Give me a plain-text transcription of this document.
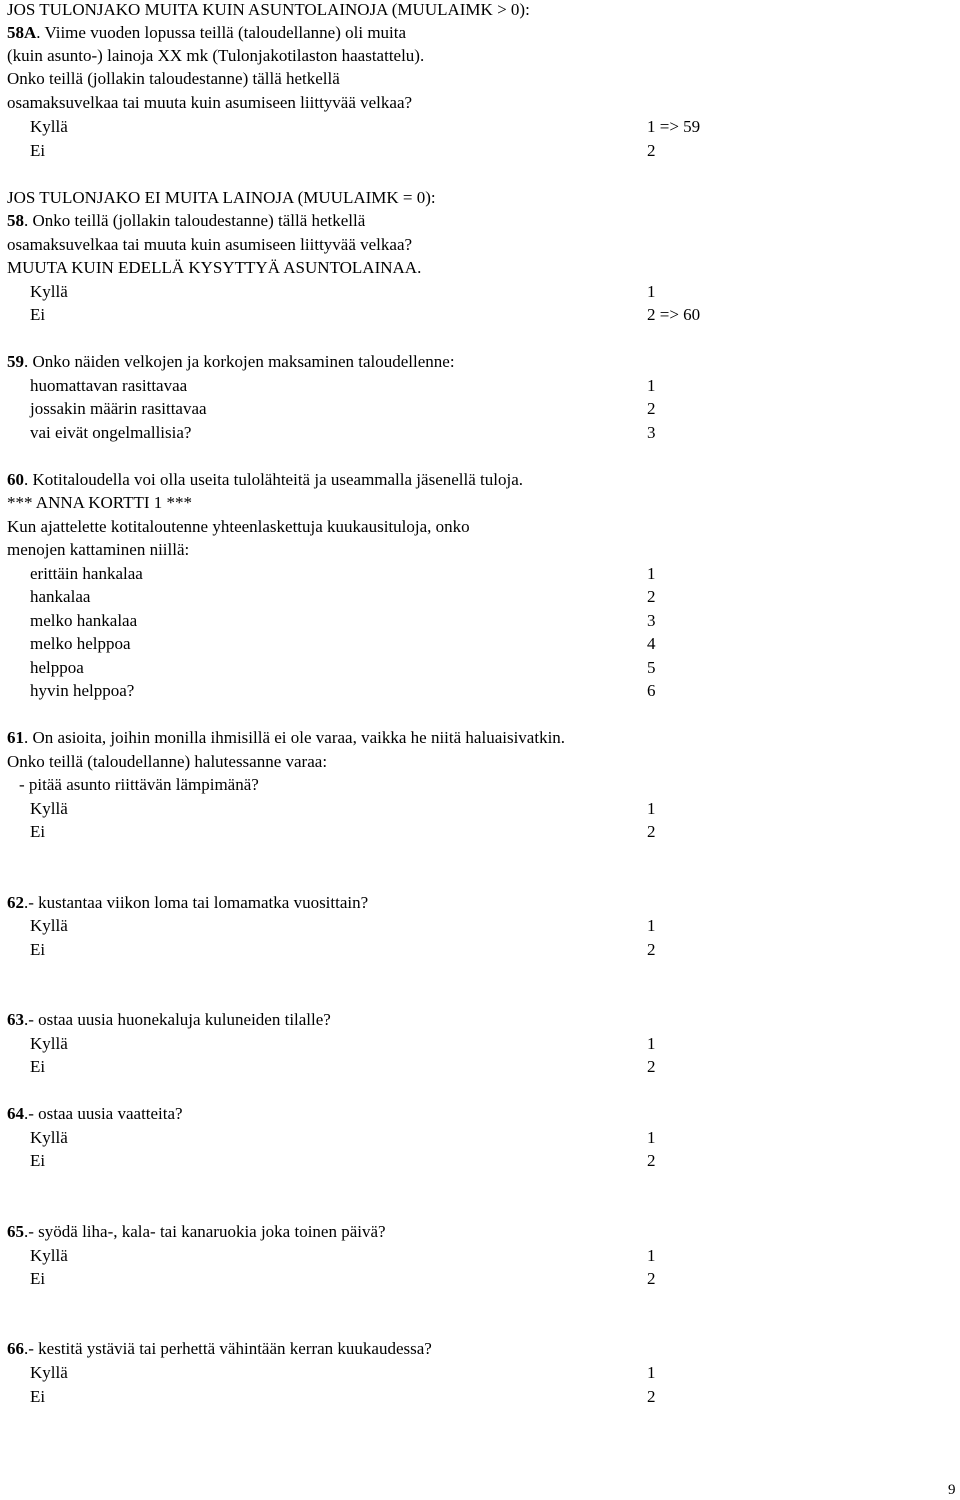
JOS TULONJAKO MUITA KUIN ASUNTOLAINOJA (MUULAIMK > 0):
58A. Viime vuoden lopussa teillä (taloudellanne) oli muita
(kuin asunto-) lainoja XX mk (Tulonjakotilaston haastattelu).
Onko teillä (jollakin taloudestanne) tällä hetkellä
osamaksuvelkaa tai muuta kuin asumiseen liittyvää velkaa?
Kyllä	1 => 59
Ei	2
JOS TULONJAKO EI MUITA LAINOJA (MUULAIMK = 0):
58. Onko teillä (jollakin taloudestanne) tällä hetkellä
osamaksuvelkaa tai muuta kuin asumiseen liittyvää velkaa?
MUUTA KUIN EDELLÄ KYSYTTYÄ ASUNTOLAINAA.
Kyllä	1
Ei	2 => 60
59. Onko näiden velkojen ja korkojen maksaminen taloudellenne:
huomattavan rasittavaa	1
jossakin määrin rasittavaa	2
vai eivät ongelmallisia?	3
60. Kotitaloudella voi olla useita tulolähteitä ja useammalla jäsenellä tuloja.
*** ANNA KORTTI 1 ***
Kun ajattelette kotitaloutenne yhteenlaskettuja kuukausituloja, onko
menojen kattaminen niillä:
erittäin hankalaa	1
hankalaa	2
melko hankalaa	3
melko helppoa	4
helppoa	5
hyvin helppoa?	6
61. On asioita, joihin monilla ihmisillä ei ole varaa, vaikka he niitä haluaisivatkin.
Onko teillä (taloudellanne) halutessanne varaa:
- pitää asunto riittävän lämpimänä?
Kyllä	1
Ei	2
62.- kustantaa viikon loma tai lomamatka vuosittain?
Kyllä	1
Ei	2
63.- ostaa uusia huonekaluja kuluneiden tilalle?
Kyllä	1
Ei	2
64.- ostaa uusia vaatteita?
Kyllä	1
Ei	2
65.- syödä liha-, kala- tai kanaruokia joka toinen päivä?
Kyllä	1
Ei	2
66.- kestitä ystäviä tai perhettä vähintään kerran kuukaudessa?
Kyllä	1
Ei	2
9
